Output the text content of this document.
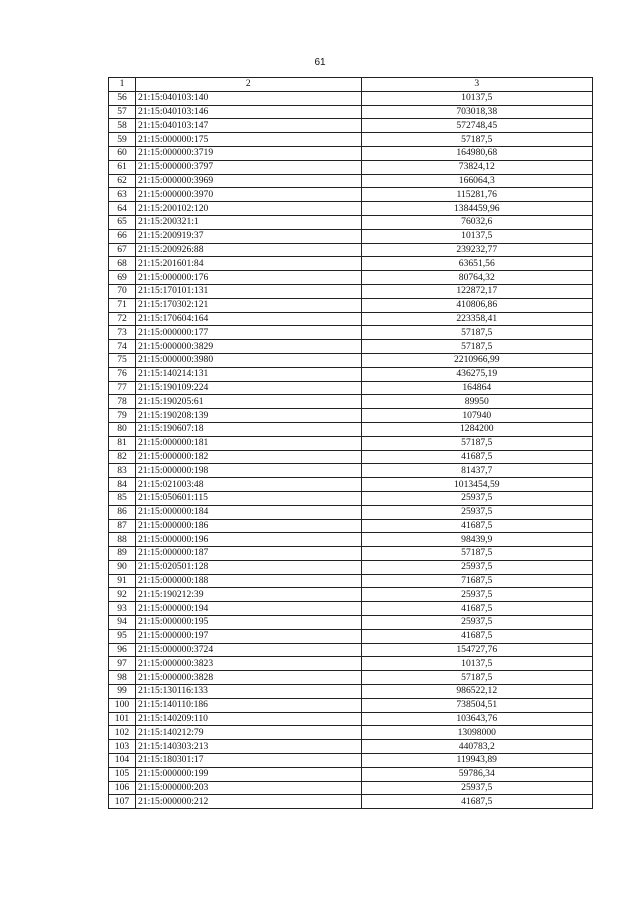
61
1	2	3
56	21:15:040103:140	10137,5
57	21:15:040103:146	703018,38
58	21:15:040103:147	572748,45
59	21:15:000000:175	57187,5
60	21:15:000000:3719	164980,68
61	21:15:000000:3797	73824,12
62	21:15:000000:3969	166064,3
63	21:15:000000:3970	115281,76
64	21:15:200102:120	1384459,96
65	21:15:200321:1	76032,6
66	21:15:200919:37	10137,5
67	21:15:200926:88	239232,77
68	21:15:201601:84	63651,56
69	21:15:000000:176	80764,32
70	21:15:170101:131	122872,17
71	21:15:170302:121	410806,86
72	21:15:170604:164	223358,41
73	21:15:000000:177	57187,5
74	21:15:000000:3829	57187,5
75	21:15:000000:3980	2210966,99
76	21:15:140214:131	436275,19
77	21:15:190109:224	164864
78	21:15:190205:61	89950
79	21:15:190208:139	107940
80	21:15:190607:18	1284200
81	21:15:000000:181	57187,5
82	21:15:000000:182	41687,5
83	21:15:000000:198	81437,7
84	21:15:021003:48	1013454,59
85	21:15:050601:115	25937,5
86	21:15:000000:184	25937,5
87	21:15:000000:186	41687,5
88	21:15:000000:196	98439,9
89	21:15:000000:187	57187,5
90	21:15:020501:128	25937,5
91	21:15:000000:188	71687,5
92	21:15:190212:39	25937,5
93	21:15:000000:194	41687,5
94	21:15:000000:195	25937,5
95	21:15:000000:197	41687,5
96	21:15:000000:3724	154727,76
97	21:15:000000:3823	10137,5
98	21:15:000000:3828	57187,5
99	21:15:130116:133	986522,12
100	21:15:140110:186	738504,51
101	21:15:140209:110	103643,76
102	21:15:140212:79	13098000
103	21:15:140303:213	440783,2
104	21:15:180301:17	119943,89
105	21:15:000000:199	59786,34
106	21:15:000000:203	25937,5
107	21:15:000000:212	41687,5
